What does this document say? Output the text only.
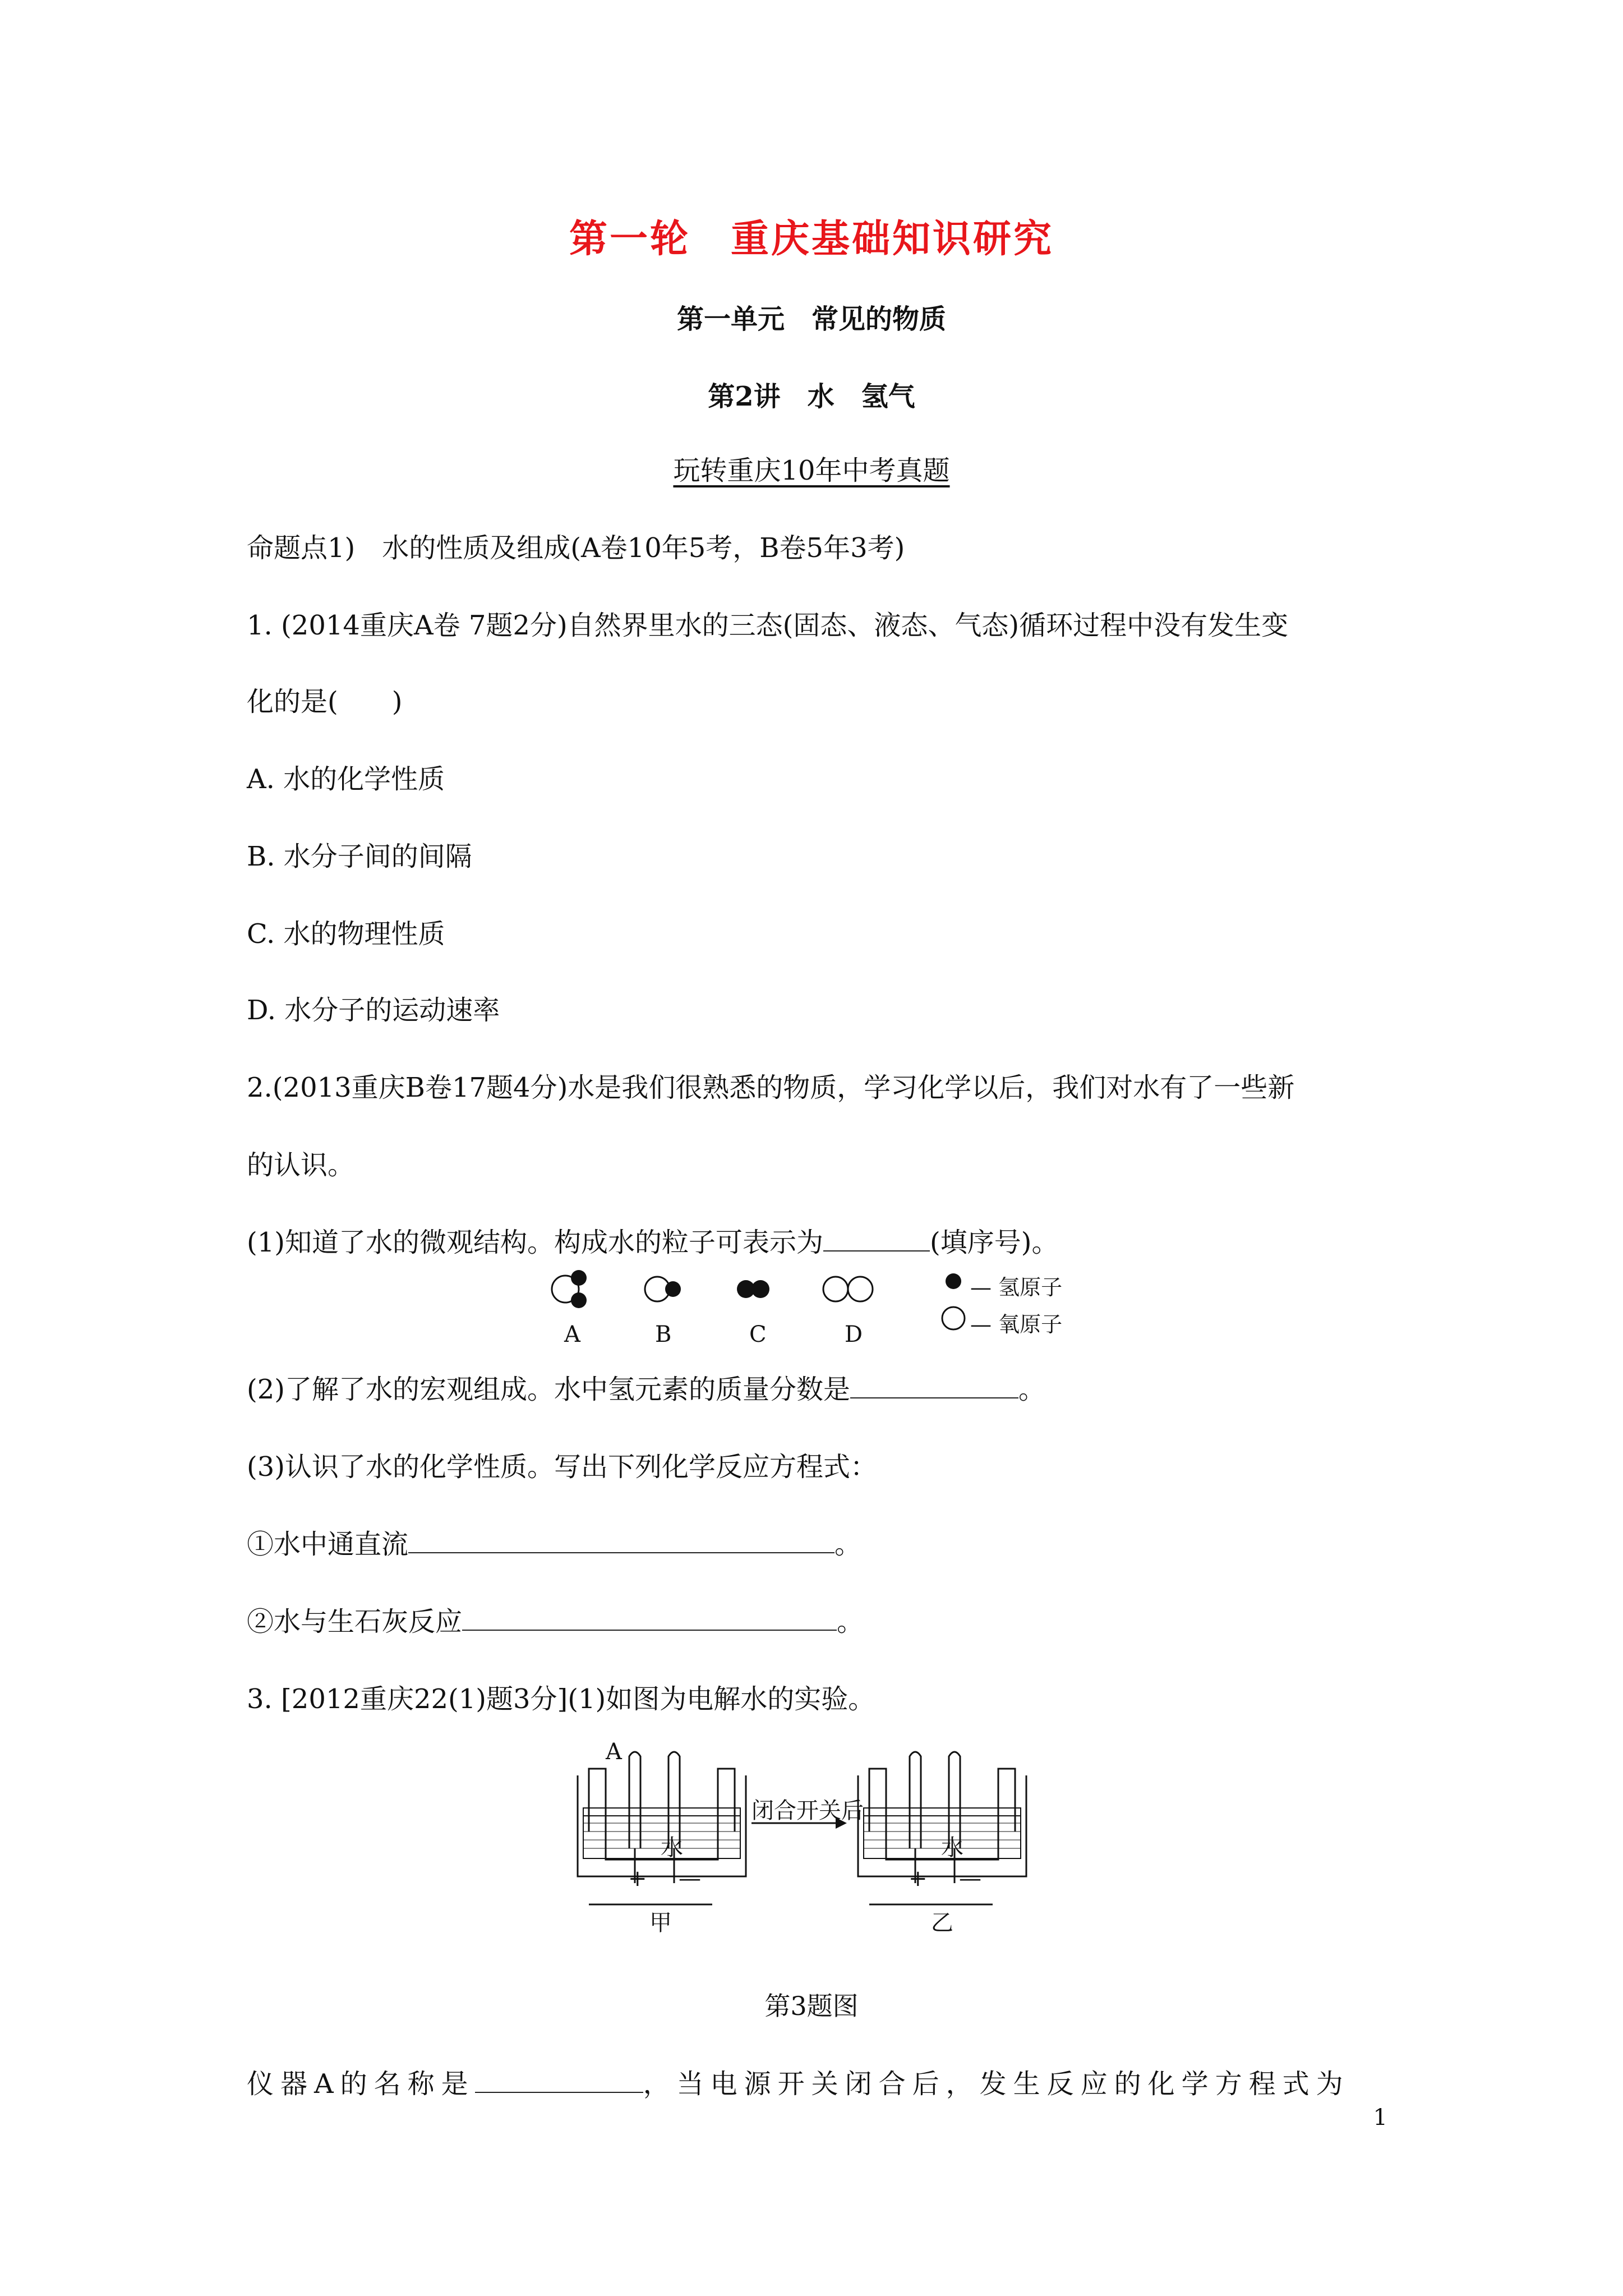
第一轮　重庆基础知识研究
第一单元　常见的物质
第2讲　水　氢气
玩转重庆10年中考真题
命题点1)　水的性质及组成(A卷10年5考，B卷5年3考)
1. (2014重庆A卷 7题2分)自然界里水的三态(固态、液态、气态)循环过程中没有发生变
化的是(　　)
A. 水的化学性质
B. 水分子间的间隔
C. 水的物理性质
D. 水分子的运动速率
2.(2013重庆B卷17题4分)水是我们很熟悉的物质，学习化学以后，我们对水有了一些新
的认识。
(1)知道了水的微观结构。构成水的粒子可表示为	(填序号)。
A	B	C	D
— 氢原子
— 氧原子
(2)了解了水的宏观组成。水中氢元素的质量分数是	。
(3)认识了水的化学性质。写出下列化学反应方程式：
①水中通直流	。
②水与生石灰反应	。
3. [2012重庆22(1)题3分](1)如图为电解水的实验。
A
闭合开关后
水	水
+ —	+ —
甲	乙
第3题图
仪器A的名称是	，当电源开关闭合后，发生反应的化学方程式为
1
